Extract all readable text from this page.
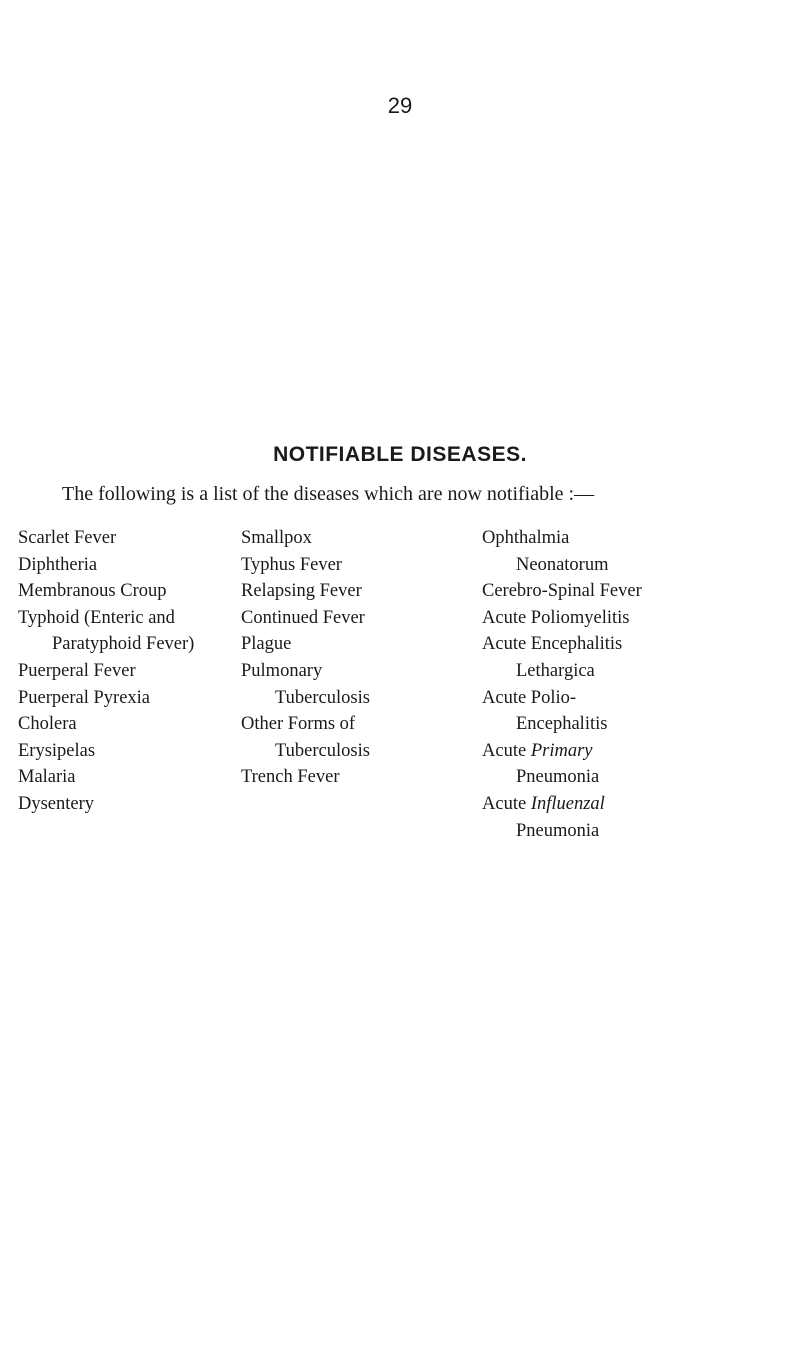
29
NOTIFIABLE DISEASES.
The following is a list of the diseases which are now notifiable :—
Scarlet Fever
Diphtheria
Membranous Croup
Typhoid (Enteric and
Paratyphoid Fever)
Puerperal Fever
Puerperal Pyrexia
Cholera
Erysipelas
Malaria
Dysentery
Smallpox
Typhus Fever
Relapsing Fever
Continued Fever
Plague
Pulmonary
Tuberculosis
Other Forms of
Tuberculosis
Trench Fever
Ophthalmia
Neonatorum
Cerebro-Spinal Fever
Acute Poliomyelitis
Acute Encephalitis
Lethargica
Acute Polio-
Encephalitis
Acute Primary
Pneumonia
Acute Influenzal
Pneumonia
